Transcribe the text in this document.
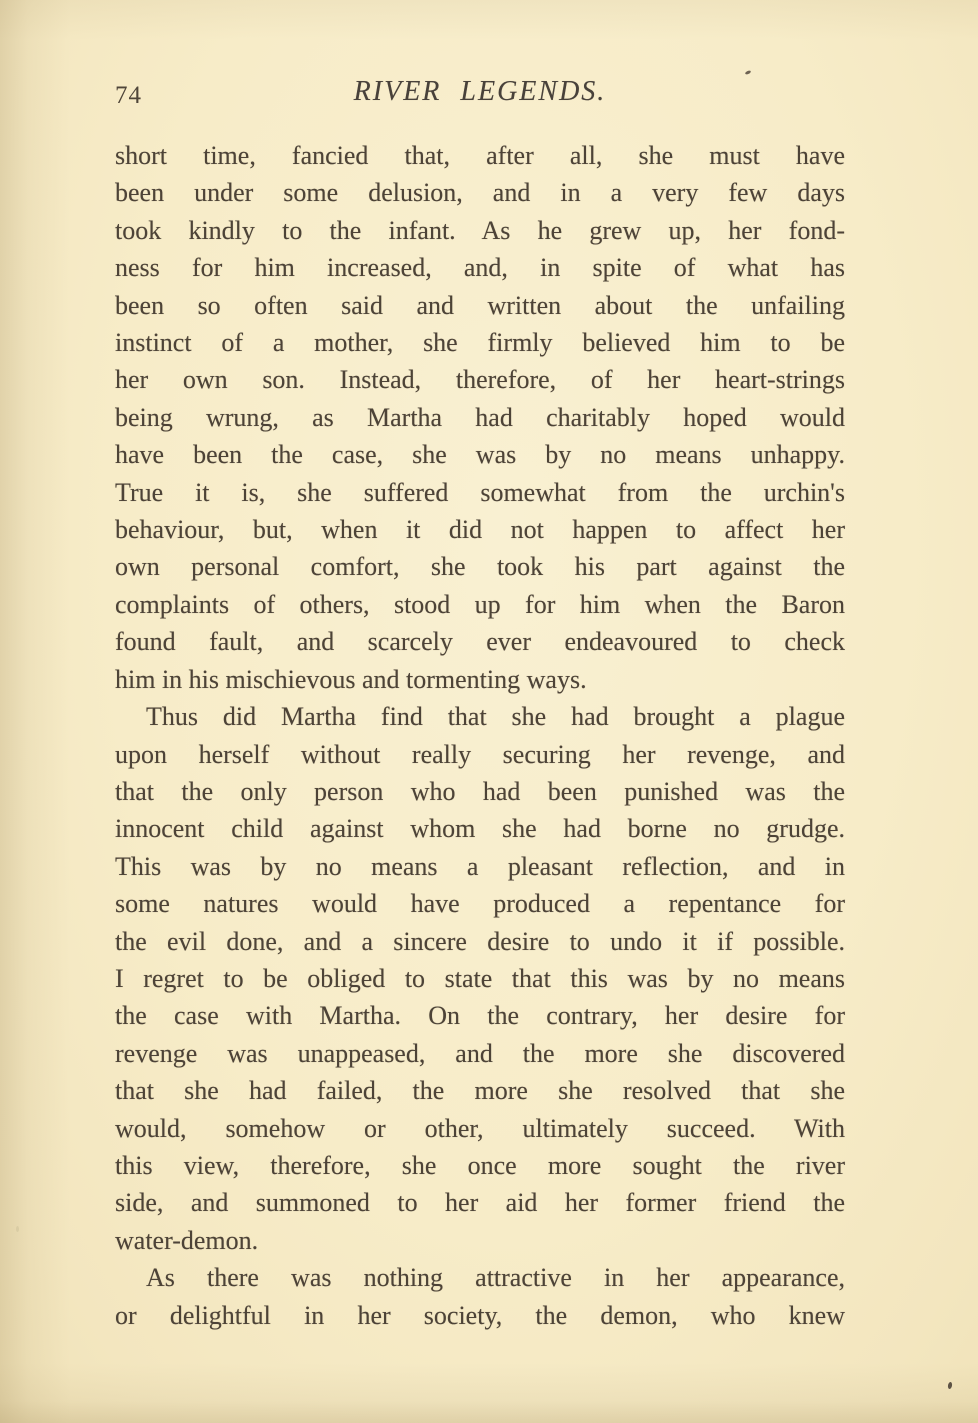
74	RIVER LEGENDS.
short time, fancied that, after all, she must have
been under some delusion, and in a very few days
took kindly to the infant. As he grew up, her fond-
ness for him increased, and, in spite of what has
been so often said and written about the unfailing
instinct of a mother, she firmly believed him to be
her own son. Instead, therefore, of her heart-strings
being wrung, as Martha had charitably hoped would
have been the case, she was by no means unhappy.
True it is, she suffered somewhat from the urchin's
behaviour, but, when it did not happen to affect her
own personal comfort, she took his part against the
complaints of others, stood up for him when the Baron
found fault, and scarcely ever endeavoured to check
him in his mischievous and tormenting ways.
Thus did Martha find that she had brought a plague
upon herself without really securing her revenge, and
that the only person who had been punished was the
innocent child against whom she had borne no grudge.
This was by no means a pleasant reflection, and in
some natures would have produced a repentance for
the evil done, and a sincere desire to undo it if possible.
I regret to be obliged to state that this was by no means
the case with Martha. On the contrary, her desire for
revenge was unappeased, and the more she discovered
that she had failed, the more she resolved that she
would, somehow or other, ultimately succeed. With
this view, therefore, she once more sought the river
side, and summoned to her aid her former friend the
water-demon.
As there was nothing attractive in her appearance,
or delightful in her society, the demon, who knew
